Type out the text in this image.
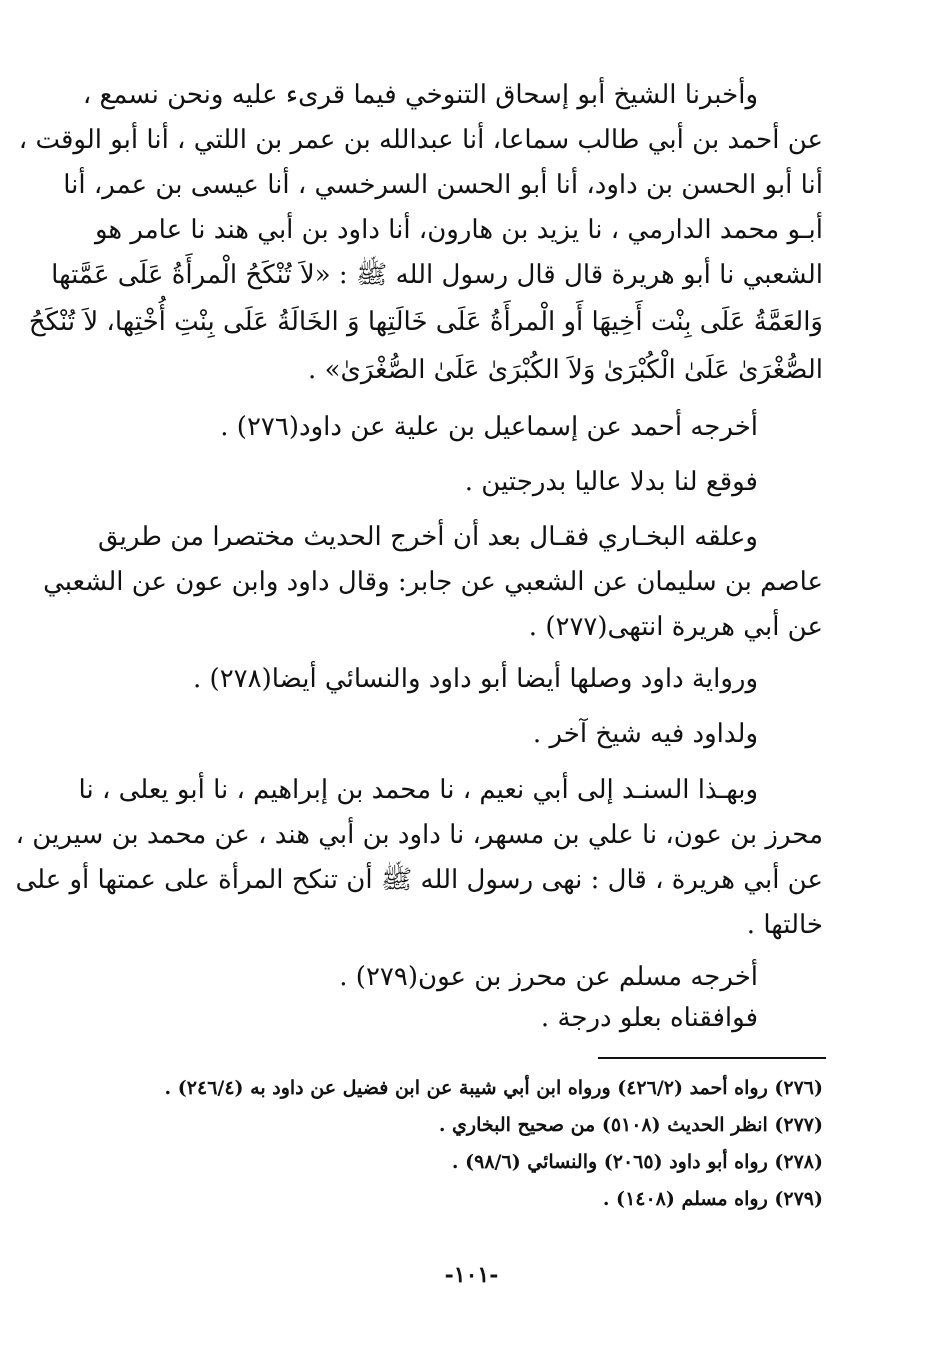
وأخبرنا الشيخ أبو إسحاق التنوخي فيما قرىء عليه ونحن نسمع ،
عن أحمد بن أبي طالب سماعا، أنا عبدالله بن عمر بن اللتي ، أنا أبو الوقت ،
أنا أبو الحسن بن داود، أنا أبو الحسن السرخسي ، أنا عيسى بن عمر، أنا
أبـو محمد الدارمي ، نا يزيد بن هارون، أنا داود بن أبي هند نا عامر هو
الشعبي نا أبو هريرة قال قال رسول الله ﷺ : «لاَ تُنْكَحُ الْمرأَةُ عَلَى عَمَّتها
وَالعَمَّةُ عَلَى بِنْت أَخِيهَا أَو الْمرأَةُ عَلَى خَالَتِها وَ الخَالَةُ عَلَى بِنْتِ أُخْتِها، لاَ تُنْكَحُ
الصُّغْرَىٰ عَلَىٰ الْكُبْرَىٰ وَلاَ الكُبْرَىٰ عَلَىٰ الصُّغْرَىٰ» .
أخرجه أحمد عن إسماعيل بن علية عن داود(٢٧٦) .
فوقع لنا بدلا عاليا بدرجتين .
وعلقه البخـاري فقـال بعد أن أخرج الحديث مختصرا من طريق
عاصم بن سليمان عن الشعبي عن جابر: وقال داود وابن عون عن الشعبي
عن أبي هريرة انتهى(٢٧٧) .
ورواية داود وصلها أيضا أبو داود والنسائي أيضا(٢٧٨) .
ولداود فيه شيخ آخر .
وبهـذا السنـد إلى أبي نعيم ، نا محمد بن إبراهيم ، نا أبو يعلى ، نا
محرز بن عون، نا علي بن مسهر، نا داود بن أبي هند ، عن محمد بن سيرين ،
عن أبي هريرة ، قال : نهى رسول الله ﷺ أن تنكح المرأة على عمتها أو على
خالتها .
أخرجه مسلم عن محرز بن عون(٢٧٩) .
فوافقناه بعلو درجة .
(٢٧٦) رواه أحمد (٤٢٦/٢) ورواه ابن أبي شيبة عن ابن فضيل عن داود به (٢٤٦/٤) .
(٢٧٧) انظر الحديث (٥١٠٨) من صحيح البخاري .
(٢٧٨) رواه أبو داود (٢٠٦٥) والنسائي (٩٨/٦) .
(٢٧٩) رواه مسلم (١٤٠٨) .
-١٠١-
